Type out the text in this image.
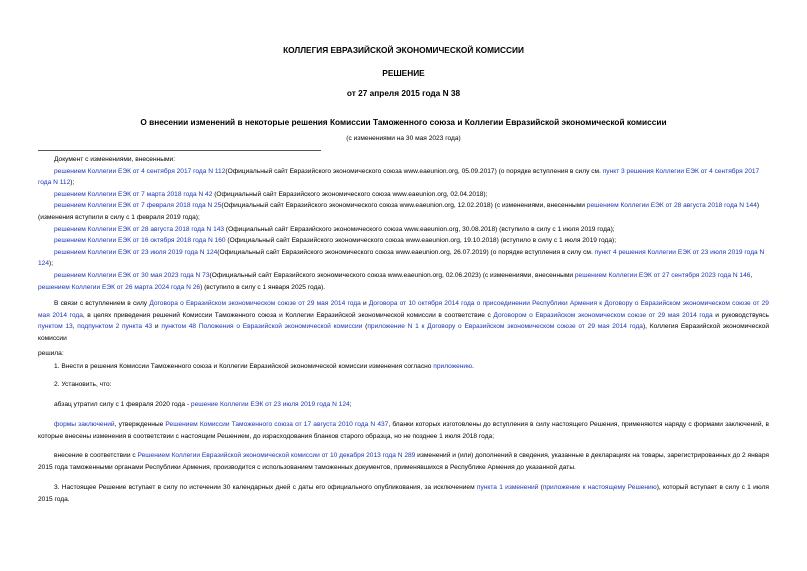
КОЛЛЕГИЯ ЕВРАЗИЙСКОЙ ЭКОНОМИЧЕСКОЙ КОМИССИИ
РЕШЕНИЕ
от 27 апреля 2015 года N 38
О внесении изменений в некоторые решения Комиссии Таможенного союза и Коллегии Евразийской экономической комиссии
(с изменениями на 30 мая 2023 года)

Документ с изменениями, внесенными:

решением Коллегии ЕЭК от 4 сентября 2017 года N 112(Официальный сайт Евразийского экономического союза www.eaeunion.org, 05.09.2017) (о порядке вступления в силу см. пункт 3 решения Коллегии ЕЭК от 4 сентября 2017 года N 112);

решением Коллегии ЕЭК от 7 марта 2018 года N 42 (Официальный сайт Евразийского экономического союза www.eaeunion.org, 02.04.2018);

решением Коллегии ЕЭК от 7 февраля 2018 года N 25(Официальный сайт Евразийского экономического союза www.eaeunion.org, 12.02.2018) (с изменениями, внесенными решением Коллегии ЕЭК от 28 августа 2018 года N 144) (изменения вступили в силу с 1 февраля 2019 года);

решением Коллегии ЕЭК от 28 августа 2018 года N 143 (Официальный сайт Евразийского экономического союза www.eaeunion.org, 30.08.2018) (вступило в силу с 1 июля 2019 года);

решением Коллегии ЕЭК от 16 октября 2018 года N 160 (Официальный сайт Евразийского экономического союза www.eaeunion.org, 19.10.2018) (вступило в силу с 1 июля 2019 года);

решением Коллегии ЕЭК от 23 июля 2019 года N 124(Официальный сайт Евразийского экономического союза www.eaeunion.org, 26.07.2019) (о порядке вступления в силу см. пункт 4 решения Коллегии ЕЭК от 23 июля 2019 года N 124);

решением Коллегии ЕЭК от 30 мая 2023 года N 73(Официальный сайт Евразийского экономического союза www.eaeunion.org, 02.06.2023) (с изменениями, внесенными решением Коллегии ЕЭК от 27 сентября 2023 года N 146, решением Коллегии ЕЭК от 26 марта 2024 года N 26) (вступило в силу с 1 января 2025 года).

В связи с вступлением в силу Договора о Евразийском экономическом союзе от 29 мая 2014 года и Договора от 10 октября 2014 года о присоединении Республики Армения к Договору о Евразийском экономическом союзе от 29 мая 2014 года, в целях приведения решений Комиссии Таможенного союза и Коллегии Евразийской экономической комиссии в соответствие с Договором о Евразийском экономическом союзе от 29 мая 2014 года и руководствуясь пунктом 13, подпунктом 2 пункта 43 и пунктом 48 Положения о Евразийской экономической комиссии (приложение N 1 к Договору о Евразийском экономическом союзе от 29 мая 2014 года), Коллегия Евразийской экономической комиссии

решила:

1. Внести в решения Комиссии Таможенного союза и Коллегии Евразийской экономической комиссии изменения согласно приложению.

2. Установить, что:

абзац утратил силу с 1 февраля 2020 года - решение Коллегии ЕЭК от 23 июля 2019 года N 124;

формы заключений, утвержденные Решением Комиссии Таможенного союза от 17 августа 2010 года N 437, бланки которых изготовлены до вступления в силу настоящего Решения, применяются наряду с формами заключений, в которые внесены изменения в соответствии с настоящим Решением, до израсходования бланков старого образца, но не позднее 1 июля 2018 года;

внесение в соответствии с Решением Коллегии Евразийской экономической комиссии от 10 декабря 2013 года N 289 изменений и (или) дополнений в сведения, указанные в декларациях на товары, зарегистрированных до 2 января 2015 года таможенными органами Республики Армения, производится с использованием таможенных документов, применявшихся в Республике Армения до указанной даты.

3. Настоящее Решение вступает в силу по истечении 30 календарных дней с даты его официального опубликования, за исключением пункта 1 изменений (приложение к настоящему Решению), который вступает в силу с 1 июля 2015 года.
